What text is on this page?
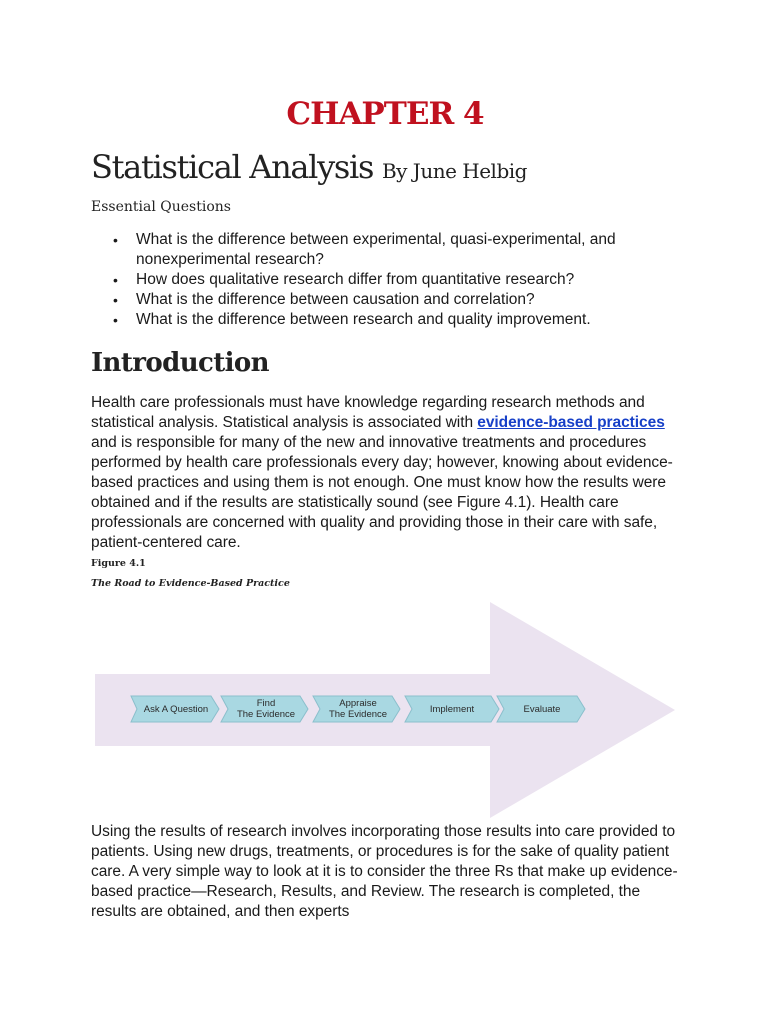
CHAPTER 4
Statistical Analysis By June Helbig

Essential Questions

• What is the difference between experimental, quasi-experimental, and nonexperimental research?
• How does qualitative research differ from quantitative research?
• What is the difference between causation and correlation?
• What is the difference between research and quality improvement.
Introduction

Health care professionals must have knowledge regarding research methods and statistical analysis. Statistical analysis is associated with evidence-based practices and is responsible for many of the new and innovative treatments and procedures performed by health care professionals every day; however, knowing about evidence-based practices and using them is not enough. One must know how the results were obtained and if the results are statistically sound (see Figure 4.1). Health care professionals are concerned with quality and providing those in their care with safe, patient-centered care.

Figure 4.1

The Road to Evidence-Based Practice

Using the results of research involves incorporating those results into care provided to patients. Using new drugs, treatments, or procedures is for the sake of quality patient care. A very simple way to look at it is to consider the three Rs that make up evidence-based practice—Research, Results, and Review. The research is completed, the results are obtained, and then experts

Ask A Question	Find
The Evidence
Appraise
The Evidence	Implement	Evaluate
